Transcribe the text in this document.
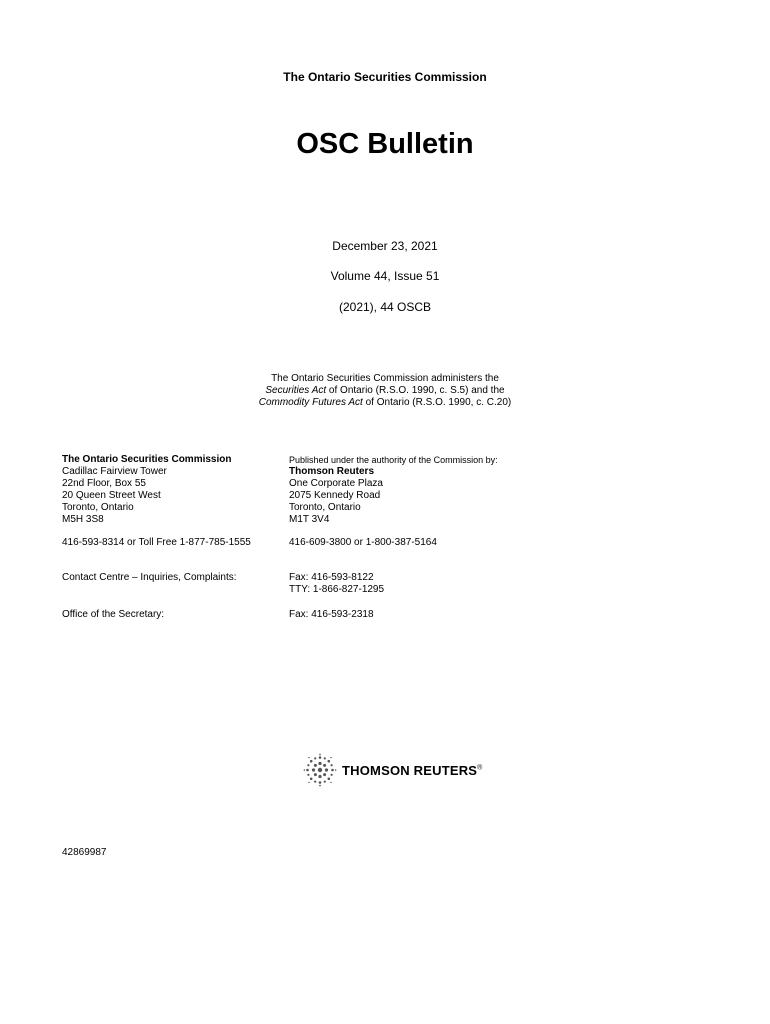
The Ontario Securities Commission
OSC Bulletin
December 23, 2021
Volume 44, Issue 51
(2021), 44 OSCB
The Ontario Securities Commission administers the
Securities Act of Ontario (R.S.O. 1990, c. S.5) and the
Commodity Futures Act of Ontario (R.S.O. 1990, c. C.20)
The Ontario Securities Commission
Cadillac Fairview Tower
22nd Floor, Box 55
20 Queen Street West
Toronto, Ontario
M5H 3S8
416-593-8314 or Toll Free 1-877-785-1555
Contact Centre – Inquiries, Complaints:
Office of the Secretary:
Published under the authority of the Commission by:
Thomson Reuters
One Corporate Plaza
2075 Kennedy Road
Toronto, Ontario
M1T 3V4
416-609-3800 or 1-800-387-5164
Fax: 416-593-8122
TTY: 1-866-827-1295
Fax: 416-593-2318
THOMSON REUTERS®
42869987
